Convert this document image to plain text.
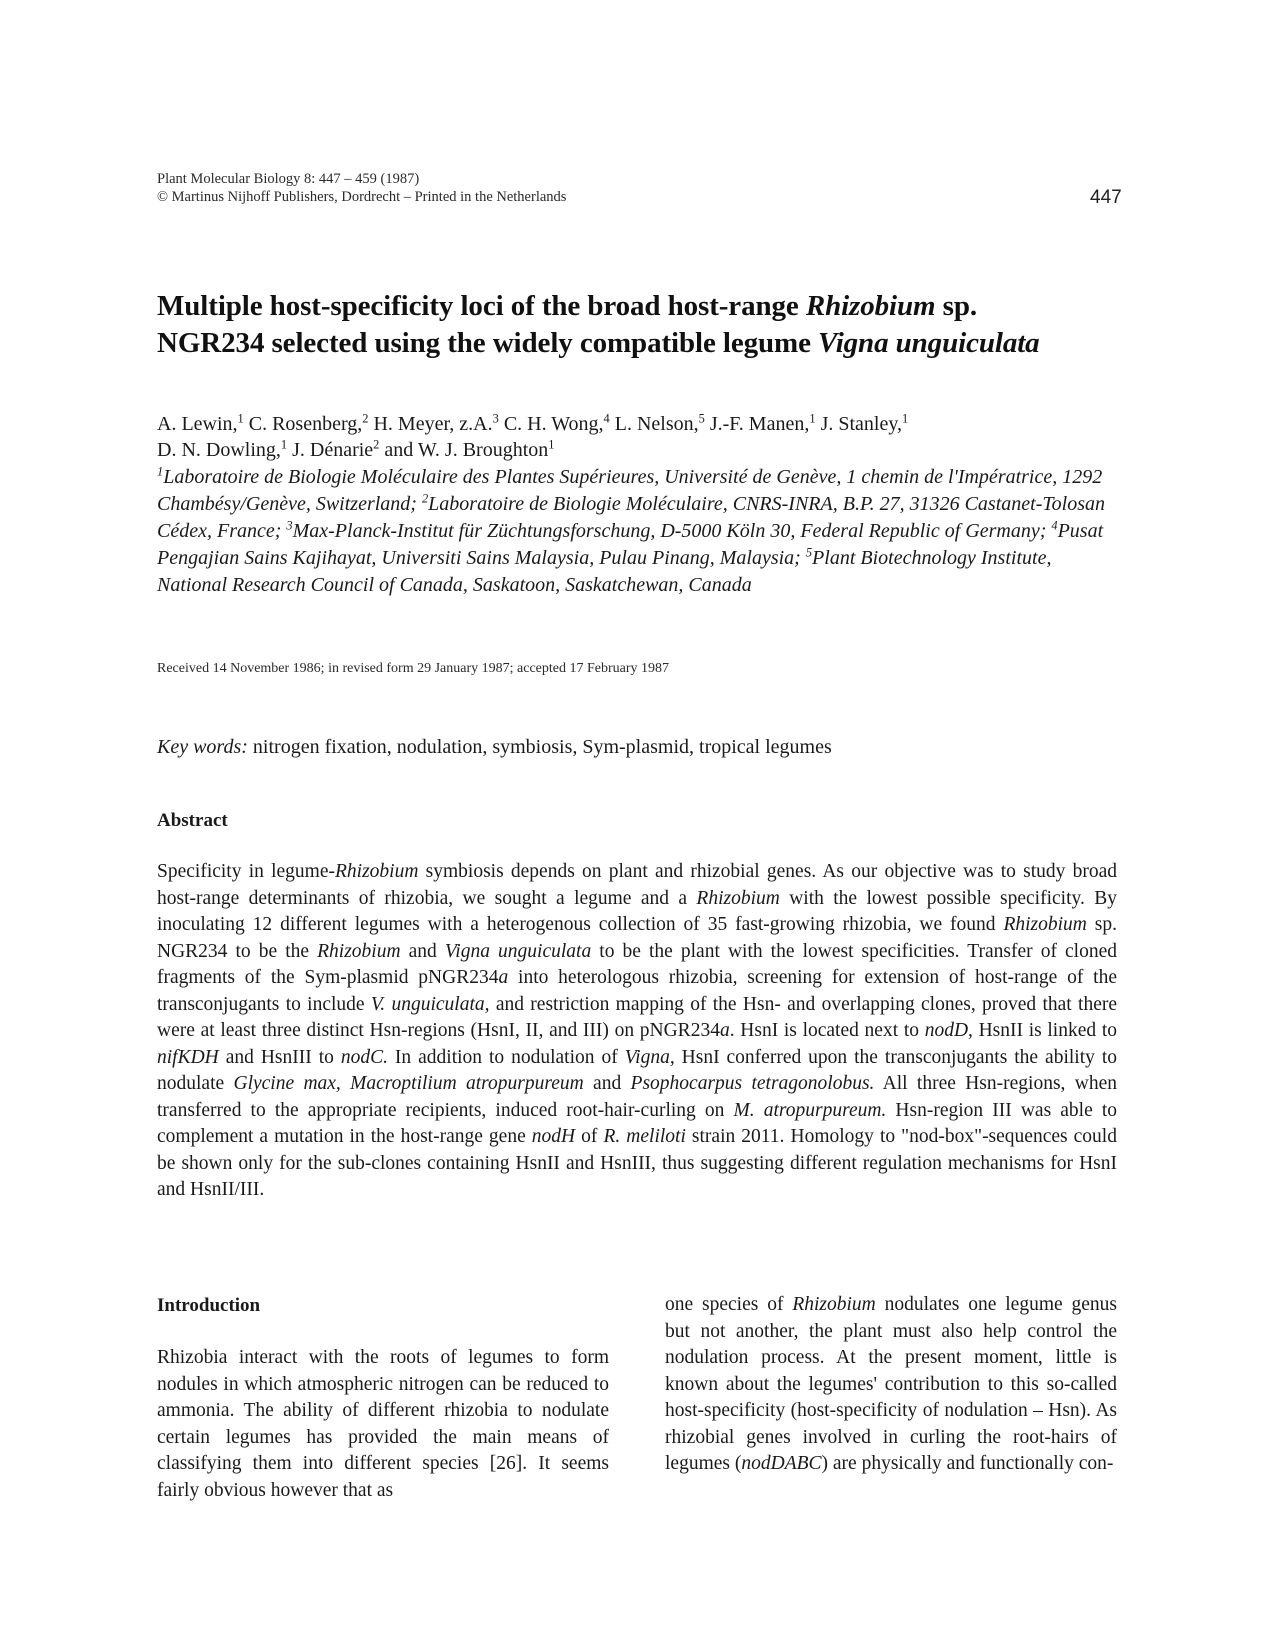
Plant Molecular Biology 8: 447 – 459 (1987)
© Martinus Nijhoff Publishers, Dordrecht – Printed in the Netherlands	447
Multiple host-specificity loci of the broad host-range Rhizobium sp.
NGR234 selected using the widely compatible legume Vigna unguiculata
A. Lewin,$^1$ C. Rosenberg,$^2$ H. Meyer, z.A.$^3$ C. H. Wong,$^4$ L. Nelson,$^5$ J.-F. Manen,$^1$ J. Stanley,$^1$
D. N. Dowling,$^1$ J. Dénarie$^2$ and W. J. Broughton$^1$
$^1$Laboratoire de Biologie Moléculaire des Plantes Supérieures, Université de Genève, 1 chemin de l'Impératrice, 1292 Chambésy/Genève, Switzerland; $^2$Laboratoire de Biologie Moléculaire, CNRS-INRA, B.P. 27, 31326 Castanet-Tolosan Cédex, France; $^3$Max-Planck-Institut für Züchtungsforschung, D-5000 Köln 30, Federal Republic of Germany; $^4$Pusat Pengajian Sains Kajihayat, Universiti Sains Malaysia, Pulau Pinang, Malaysia; $^5$Plant Biotechnology Institute, National Research Council of Canada, Saskatoon, Saskatchewan, Canada
Received 14 November 1986; in revised form 29 January 1987; accepted 17 February 1987
Key words: nitrogen fixation, nodulation, symbiosis, Sym-plasmid, tropical legumes
Abstract
Specificity in legume-Rhizobium symbiosis depends on plant and rhizobial genes. As our objective was to study broad host-range determinants of rhizobia, we sought a legume and a Rhizobium with the lowest possible specificity. By inoculating 12 different legumes with a heterogenous collection of 35 fast-growing rhizobia, we found Rhizobium sp. NGR234 to be the Rhizobium and Vigna unguiculata to be the plant with the lowest specificities. Transfer of cloned fragments of the Sym-plasmid pNGR234a into heterologous rhizobia, screening for extension of host-range of the transconjugants to include V. unguiculata, and restriction mapping of the Hsn- and overlapping clones, proved that there were at least three distinct Hsn-regions (HsnI, II, and III) on pNGR234a. HsnI is located next to nodD, HsnII is linked to nifKDH and HsnIII to nodC. In addition to nodulation of Vigna, HsnI conferred upon the transconjugants the ability to nodulate Glycine max, Macroptilium atropurpureum and Psophocarpus tetragonolobus. All three Hsn-regions, when transferred to the appropriate recipients, induced root-hair-curling on M. atropurpureum. Hsn-region III was able to complement a mutation in the host-range gene nodH of R. meliloti strain 2011. Homology to "nod-box"-sequences could be shown only for the sub-clones containing HsnII and HsnIII, thus suggesting different regulation mechanisms for HsnI and HsnII/III.
Introduction
Rhizobia interact with the roots of legumes to form nodules in which atmospheric nitrogen can be reduced to ammonia. The ability of different rhizobia to nodulate certain legumes has provided the main means of classifying them into different species [26]. It seems fairly obvious however that as
one species of Rhizobium nodulates one legume genus but not another, the plant must also help control the nodulation process. At the present moment, little is known about the legumes' contribution to this so-called host-specificity (host-specificity of nodulation – Hsn). As rhizobial genes involved in curling the root-hairs of legumes (nodDABC) are physically and functionally con-
